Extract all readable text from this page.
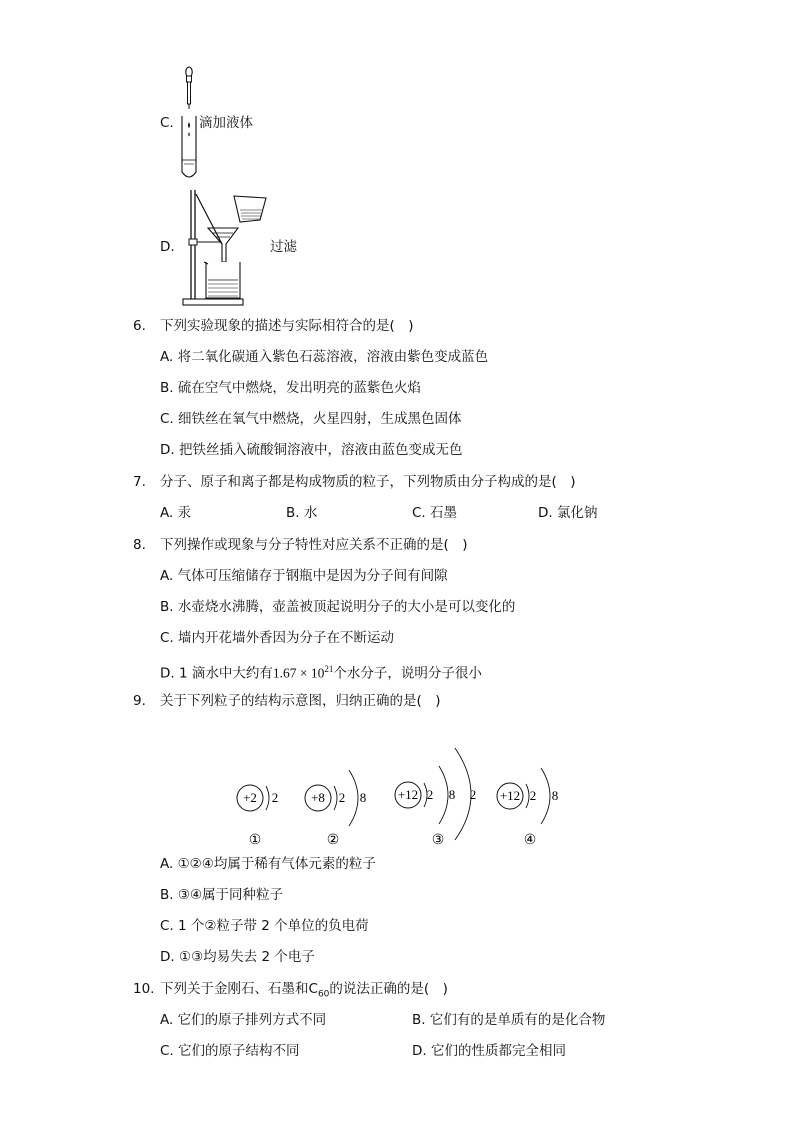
C. 滴加液体
D.	过滤
6. 下列实验现象的描述与实际相符合的是(　)
A. 将二氧化碳通入紫色石蕊溶液，溶液由紫色变成蓝色
B. 硫在空气中燃烧，发出明亮的蓝紫色火焰
C. 细铁丝在氧气中燃烧，火星四射，生成黑色固体
D. 把铁丝插入硫酸铜溶液中，溶液由蓝色变成无色
7. 分子、原子和离子都是构成物质的粒子，下列物质由分子构成的是(　)
A. 汞	B. 水	C. 石墨	D. 氯化钠
8. 下列操作或现象与分子特性对应关系不正确的是(　)
A. 气体可压缩储存于钢瓶中是因为分子间有间隙
B. 水壶烧水沸腾，壶盖被顶起说明分子的大小是可以变化的
C. 墙内开花墙外香因为分子在不断运动
D. 1 滴水中大约有$1.67 \times 10^{21}$个水分子，说明分子很小
9. 关于下列粒子的结构示意图，归纳正确的是(　)
+2 2
①
+8 2 8
②
+12 2 8 2
③
+12 2 8
④
A. ①②④均属于稀有气体元素的粒子
B. ③④属于同种粒子
C. 1 个②粒子带 2 个单位的负电荷
D. ①③均易失去 2 个电子
10. 下列关于金刚石、石墨和$C_{60}$的说法正确的是(　)
A. 它们的原子排列方式不同	B. 它们有的是单质有的是化合物
C. 它们的原子结构不同	D. 它们的性质都完全相同
